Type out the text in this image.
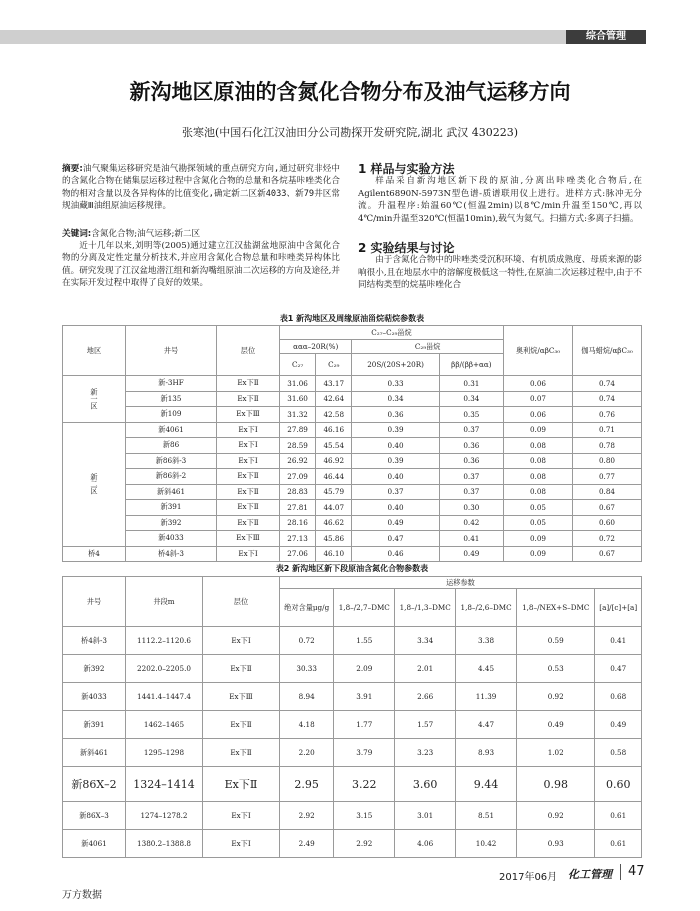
综合管理
新沟地区原油的含氮化合物分布及油气运移方向
张寒池(中国石化江汉油田分公司勘探开发研究院,湖北 武汉 430223)
摘要:油气聚集运移研究是油气勘探领域的重点研究方向,通过研究非烃中的含氮化合物在储集层运移过程中含氮化合物的总量和各烷基咔唑类化合物的相对含量以及各异构体的比值变化,确定新二区新4033、新79井区常规油藏Ⅲ油组原油运移规律。
关键词:含氮化合物;油气运移;新二区

近十几年以来,刘明等(2005)通过建立江汉盐湖盆地原油中含氮化合物的分离及定性定量分析技术,并应用含氮化合物总量和咔唑类异构体比值。研究发现了江汉盆地潜江组和新沟嘴组原油二次运移的方向及途径,并在实际开发过程中取得了良好的效果。

1 样品与实验方法

样品采自新沟地区新下段的原油,分离出咔唑类化合物后,在Agilent6890N-5973N型色谱-质谱联用仪上进行。进样方式:脉冲无分流。升温程序:始温60℃(恒温2min)以8℃/min升温至150℃,再以4℃/min升温至320℃(恒温10min),载气为氦气。扫描方式:多离子扫描。

2 实验结果与讨论

由于含氮化合物中的咔唑类受沉积环境、有机质成熟度、母质来源的影响很小,且在地层水中的溶解度极低这一特性,在原油二次运移过程中,由于不同结构类型的烷基咔唑化合

表1 新沟地区及周缘原油甾烷萜烷参数表
地区	井号	层位	C₂₇–C₂₉甾烷				奥利烷/αβC₃₀	伽马蜡烷/αβC₃₀
			ααα–20R(%)		C₂₉甾烷			
			C₂₇	C₂₉	20S/(20S+20R)	ββ/(ββ+αα)		
新一区	新-3HF	Ex下Ⅱ	31.06	43.17	0.33	0.31	0.06	0.74
	新135	Ex下Ⅱ	31.60	42.64	0.34	0.34	0.07	0.74
	新109	Ex下Ⅲ	31.32	42.58	0.36	0.35	0.06	0.76
新二区	新4061	Ex下Ⅰ	27.89	46.16	0.39	0.37	0.09	0.71
	新86	Ex下Ⅰ	28.59	45.54	0.40	0.36	0.08	0.78
	新86斜-3	Ex下Ⅰ	26.92	46.92	0.39	0.36	0.08	0.80
	新86斜-2	Ex下Ⅱ	27.09	46.44	0.40	0.37	0.08	0.77
	新斜461	Ex下Ⅱ	28.83	45.79	0.37	0.37	0.08	0.84
	新391	Ex下Ⅱ	27.81	44.07	0.40	0.30	0.05	0.67
	新392	Ex下Ⅱ	28.16	46.62	0.49	0.42	0.05	0.60
	新4033	Ex下Ⅲ	27.13	45.86	0.47	0.41	0.09	0.72
桥4	桥4斜-3	Ex下Ⅰ	27.06	46.10	0.46	0.49	0.09	0.67
表2 新沟地区新下段原油含氮化合物参数表
井号	井段m	层位	运移参数					
			绝对含量μg/g	1,8–/2,7–DMC	1,8–/1,3–DMC	1,8–/2,6–DMC	1,8–/NEX+S–DMC	[a]/[c]+[a]
桥4斜-3	1112.2–1120.6	Ex下Ⅰ	0.72	1.55	3.34	3.38	0.59	0.41
新392	2202.0–2205.0	Ex下Ⅱ	30.33	2.09	2.01	4.45	0.53	0.47
新4033	1441.4–1447.4	Ex下Ⅲ	8.94	3.91	2.66	11.39	0.92	0.68
新391	1462–1465	Ex下Ⅱ	4.18	1.77	1.57	4.47	0.49	0.49
新斜461	1295–1298	Ex下Ⅱ	2.20	3.79	3.23	8.93	1.02	0.58
新86X–2	1324–1414	Ex下Ⅱ	2.95	3.22	3.60	9.44	0.98	0.60
新86X–3	1274–1278.2	Ex下Ⅰ	2.92	3.15	3.01	8.51	0.92	0.61
新4061	1380.2–1388.8	Ex下Ⅰ	2.49	2.92	4.06	10.42	0.93	0.61
2017年06月 化工管理 47
万方数据
